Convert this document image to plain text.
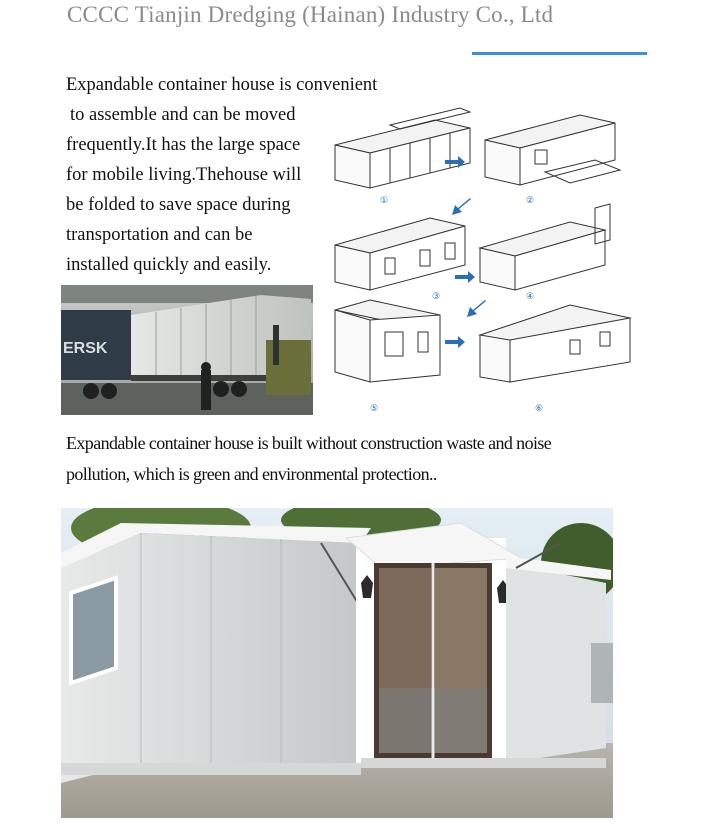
CCCC Tianjin Dredging (Hainan) Industry Co., Ltd
Expandable container house is convenient
to assemble and can be moved
frequently.It has the large space
for mobile living.Thehouse will
be folded to save space during
transportation and can be
installed quickly and easily.
ERSK
①	②
③	④
⑤	⑥
Expandable container house is built without construction waste and noise
pollution, which is green and environmental protection..
